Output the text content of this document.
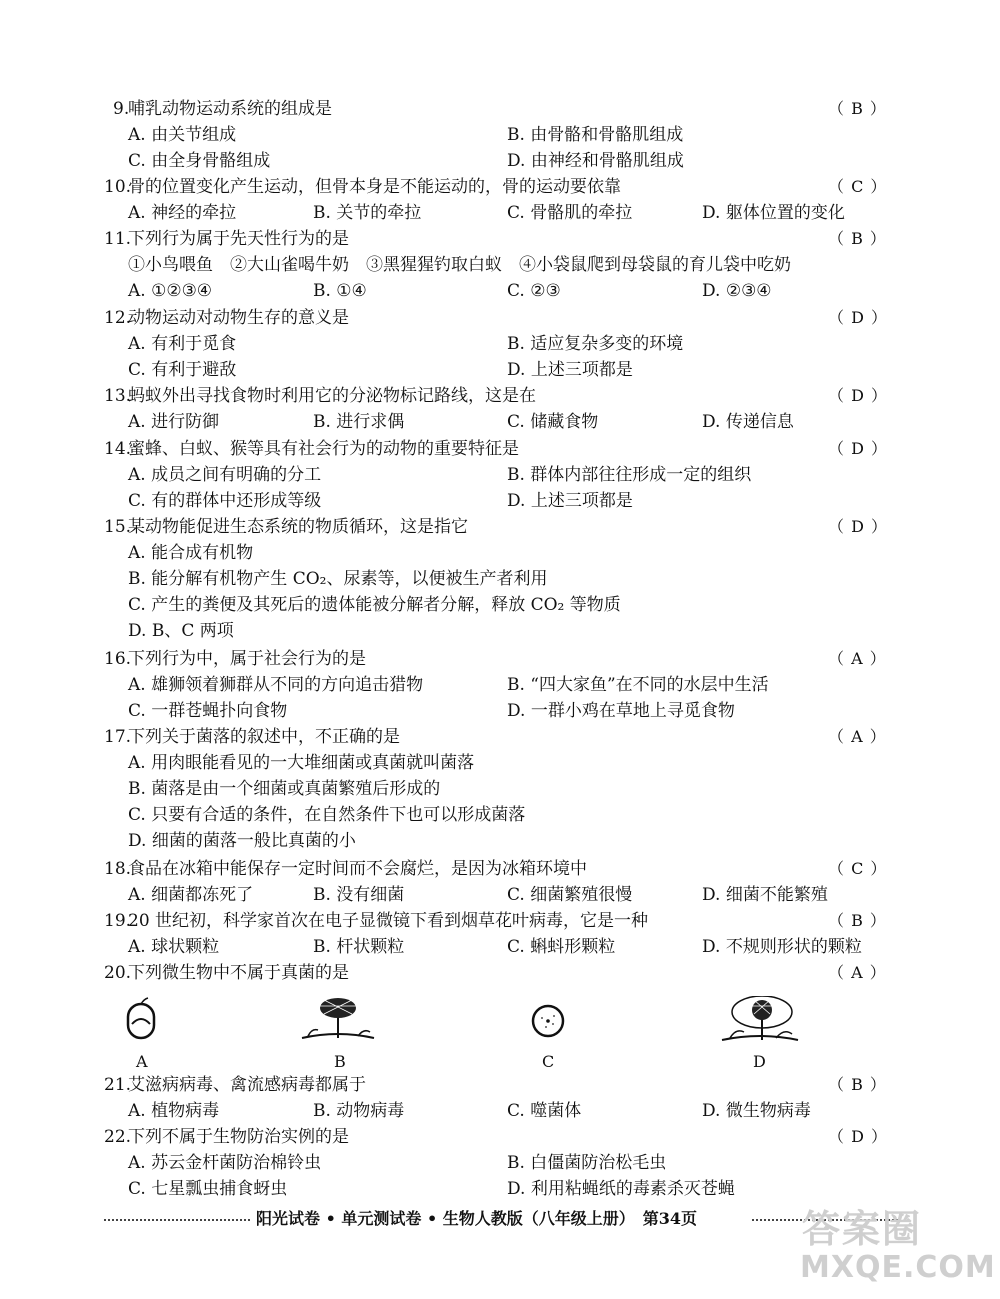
9.
哺乳动物运动系统的组成是	（ B ）
A. 由关节组成	B. 由骨骼和骨骼肌组成
C. 由全身骨骼组成	D. 由神经和骨骼肌组成
10.
骨的位置变化产生运动，但骨本身是不能运动的，骨的运动要依靠	（ C ）
A. 神经的牵拉	B. 关节的牵拉	C. 骨骼肌的牵拉	D. 躯体位置的变化
11.
下列行为属于先天性行为的是	（ B ）
①小鸟喂鱼　②大山雀喝牛奶　③黑猩猩钓取白蚁　④小袋鼠爬到母袋鼠的育儿袋中吃奶
A. ①②③④	B. ①④	C. ②③	D. ②③④
12.
动物运动对动物生存的意义是	（ D ）
A. 有利于觅食	B. 适应复杂多变的环境
C. 有利于避敌	D. 上述三项都是
13.
蚂蚁外出寻找食物时利用它的分泌物标记路线，这是在	（ D ）
A. 进行防御	B. 进行求偶	C. 储藏食物	D. 传递信息
14.
蜜蜂、白蚁、猴等具有社会行为的动物的重要特征是	（ D ）
A. 成员之间有明确的分工	B. 群体内部往往形成一定的组织
C. 有的群体中还形成等级	D. 上述三项都是
15.
某动物能促进生态系统的物质循环，这是指它	（ D ）
A. 能合成有机物
B. 能分解有机物产生 CO₂、尿素等，以便被生产者利用
C. 产生的粪便及其死后的遗体能被分解者分解，释放 CO₂ 等物质
D. B、C 两项
16.
下列行为中，属于社会行为的是	（ A ）
A. 雄狮领着狮群从不同的方向追击猎物	B. “四大家鱼”在不同的水层中生活
C. 一群苍蝇扑向食物	D. 一群小鸡在草地上寻觅食物
17.
下列关于菌落的叙述中，不正确的是	（ A ）
A. 用肉眼能看见的一大堆细菌或真菌就叫菌落
B. 菌落是由一个细菌或真菌繁殖后形成的
C. 只要有合适的条件，在自然条件下也可以形成菌落
D. 细菌的菌落一般比真菌的小
18.
食品在冰箱中能保存一定时间而不会腐烂，是因为冰箱环境中	（ C ）
A. 细菌都冻死了	B. 没有细菌	C. 细菌繁殖很慢	D. 细菌不能繁殖
19.
20 世纪初，科学家首次在电子显微镜下看到烟草花叶病毒，它是一种	（ B ）
A. 球状颗粒	B. 杆状颗粒	C. 蝌蚪形颗粒	D. 不规则形状的颗粒
20.
下列微生物中不属于真菌的是	（ A ）
A	B	C	D
21.
艾滋病病毒、禽流感病毒都属于	（ B ）
A. 植物病毒	B. 动物病毒	C. 噬菌体	D. 微生物病毒
22.
下列不属于生物防治实例的是	（ D ）
A. 苏云金杆菌防治棉铃虫	B. 白僵菌防治松毛虫
C. 七星瓢虫捕食蚜虫	D. 利用粘蝇纸的毒素杀灭苍蝇
阳光试卷 • 单元测试卷 • 生物人教版（八年级上册）　第34页	答案圈
MXQE.COM
